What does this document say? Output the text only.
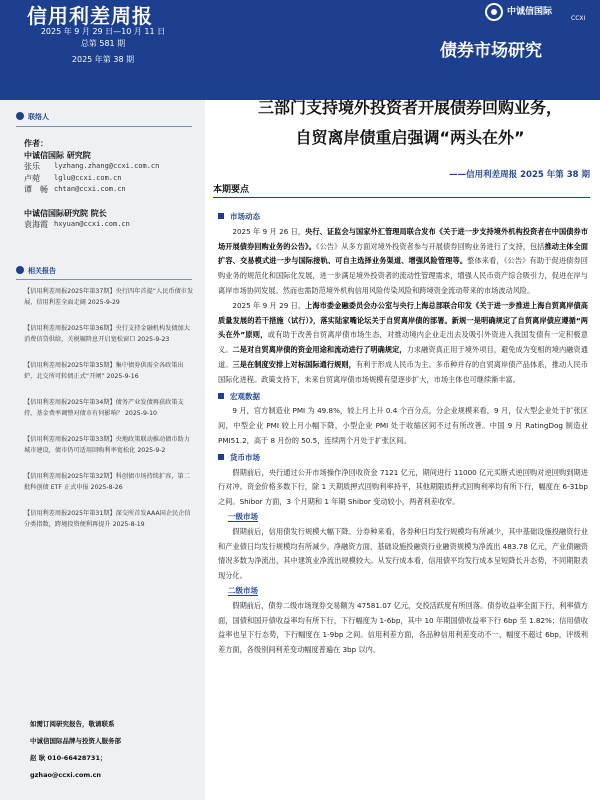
信用利差周报
2025 年 9 月 29 日—10 月 11 日
总第 581 期
2025 年第 38 期
中诚信国际
CCXI
债券市场研究
联络人
作者：
中诚信国际 研究院
张乐	lyzhang.zhang@ccxi.com.cn
卢菀	lglu@ccxi.com.cn
谭　畅 chtan@ccxi.com.cn
中诚信国际研究院 院长
袁海霞 hxyuan@ccxi.com.cn
相关报告
【信用利差周报2025年第37期】央行四年首提“人民币债市发展，信用利差全面走阔 2025-9-29
【信用利差周报2025年第36期】央行支持金融机构发债加大消费信贷供给，关税辗降息开启宽松窗口 2025-9-23
【信用利差周报2025年第35期】集中债券供需全各政策出炉，北交所可转债正式“开闸” 2025-9-16
【信用利差周报2025年第34期】债务产业发债再获政策支持，基金费率调整对债市有何影响？ 2025-9-10
【信用利差周报2025年第33期】央地政策联动推动债市助力城市建设，债市仍可适用回购利率宽松化 2025-9-2
【信用利差周报2025年第32期】科创债市场持续扩容，第二批科创债 ETF 正式申报 2025-8-26
【信用利差周报2025年第31期】深交所首发AAA国企民企信分类指数，跨境投资便利再提升 2025-8-19
如需订阅研究报告，敬请联系
中诚信国际品牌与投资人服务部
赵 耿 010-66428731；
gzhao@ccxi.com.cn
三部门支持境外投资者开展债券回购业务，
自贸离岸债重启强调“两头在外”
——信用利差周报 2025 年第 38 期
本期要点
市场动态

2025 年 9 月 26 日，央行、证监会与国家外汇管理局联合发布《关于进一步支持境外机构投资者在中国债券市场开展债券回购业务的公告》。《公告》从多方面对境外投资者参与开展债券回购业务进行了支持，包括推动主体全面扩容、交易模式进一步与国际接轨、可自主选择业务渠道、增强风险管理等。整体来看，《公告》有助于促进债券回购业务的规范化和国际化发展，进一步满足境外投资者的流动性管理需求，增强人民币资产综合吸引力，促进在岸与离岸市场协同发展。然而也需防范境外机构信用风险传染风险和跨境资金流动带来的市场波动风险。

2025 年 9 月 29 日，上海市委金融委员会办公室与央行上海总部联合印发《关于进一步推进上海自贸离岸债高质量发展的若干措施（试行）》，落实陆家嘴论坛关于自贸离岸债的部署。新规一是明确规定了自贸离岸债应遵循“两头在外”原则，或有助于改善自贸离岸债市场生态，对推动境内企业走出去及吸引外资进入我国发债有一定积极意义。二是对自贸离岸债的资金用途和流动进行了明确规定，力求融资真正用于境外项目，避免成为变相的境内融资通道。三是在制度安排上对标国际通行规则，有利于形成人民币为主、多币种并存的自贸离岸债产品体系，推动人民币国际化进程。政策支持下，未来自贸离岸债市场规模有望逐步扩大，市场主体也可继续渐丰富。

宏观数据

9 月，官方制造业 PMI 为 49.8%，较上月上升 0.4 个百分点，分企业规模来看，9 月，仅大型企业处于扩张区间，中型企业 PMI 较上月小幅下降，小型企业 PMI 处于收缩区间不过有所改善。中国 9 月 RatingDog 制造业 PMI51.2，高于 8 月份的 50.5，连续两个月处于扩张区间。

货币市场

假期前后，央行通过公开市场操作净回收资金 7121 亿元，期间进行 11000 亿元买断式逆回购对逆回购到期进行对冲。资金价格多数下行，除 1 天期质押式回购利率持平，其他期限质押式回购利率均有所下行，幅度在 6-31bp 之间。Shibor 方面，3 个月期和 1 年期 Shibor 变动较小，两者利差收窄。

一级市场

假期前后，信用债发行规模大幅下降。分券种来看，各券种日均发行规模均有所减少，其中基础设施投融资行业和产业债日均发行规模均有所减少。净融资方面，基础设施投融资行业融资规模为净流出 483.78 亿元，产业债融资情况多数为净流出，其中建筑业净流出规模较大。从发行成本看，信用债平均发行成本呈短降长升态势，不同期限表现分化。

二级市场

假期前后，债券二级市场现券交易额为 47581.07 亿元，交投活跃度有所回落。债券收益率全面下行，利率债方面，国债和国开债收益率均有所下行，下行幅度为 1-6bp，其中 10 年期国债收益率下行 6bp 至 1.82%；信用债收益率也呈下行态势，下行幅度在 1-9bp 之间。信用利差方面，各品种信用利差变动不一，幅度不超过 6bp，评级利差方面，各级别间利差变动幅度普遍在 3bp 以内。
